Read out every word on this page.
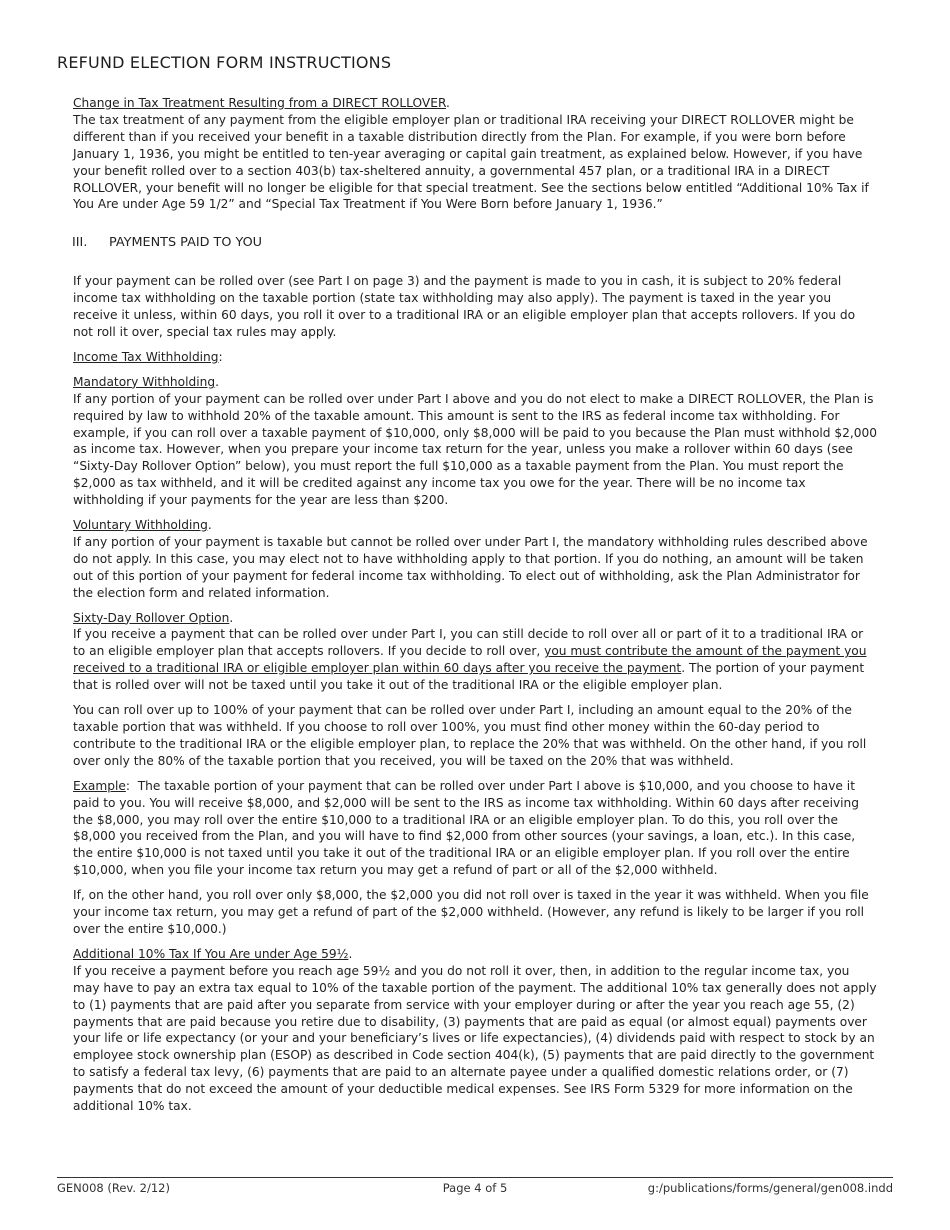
REFUND ELECTION FORM INSTRUCTIONS

Change in Tax Treatment Resulting from a DIRECT ROLLOVER.
The tax treatment of any payment from the eligible employer plan or traditional IRA receiving your DIRECT ROLLOVER might be different than if you received your benefit in a taxable distribution directly from the Plan. For example, if you were born before January 1, 1936, you might be entitled to ten-year averaging or capital gain treatment, as explained below. However, if you have your benefit rolled over to a section 403(b) tax-sheltered annuity, a governmental 457 plan, or a traditional IRA in a DIRECT ROLLOVER, your benefit will no longer be eligible for that special treatment. See the sections below entitled “Additional 10% Tax if You Are under Age 59 1/2” and “Special Tax Treatment if You Were Born before January 1, 1936.”

III.	PAYMENTS PAID TO YOU

If your payment can be rolled over (see Part I on page 3) and the payment is made to you in cash, it is subject to 20% federal income tax withholding on the taxable portion (state tax withholding may also apply). The payment is taxed in the year you receive it unless, within 60 days, you roll it over to a traditional IRA or an eligible employer plan that accepts rollovers. If you do not roll it over, special tax rules may apply.

Income Tax Withholding:

Mandatory Withholding.
If any portion of your payment can be rolled over under Part I above and you do not elect to make a DIRECT ROLLOVER, the Plan is required by law to withhold 20% of the taxable amount. This amount is sent to the IRS as federal income tax withholding. For example, if you can roll over a taxable payment of $10,000, only $8,000 will be paid to you because the Plan must withhold $2,000 as income tax. However, when you prepare your income tax return for the year, unless you make a rollover within 60 days (see “Sixty-Day Rollover Option” below), you must report the full $10,000 as a taxable payment from the Plan. You must report the $2,000 as tax withheld, and it will be credited against any income tax you owe for the year. There will be no income tax withholding if your payments for the year are less than $200.

Voluntary Withholding.
If any portion of your payment is taxable but cannot be rolled over under Part I, the mandatory withholding rules described above do not apply. In this case, you may elect not to have withholding apply to that portion. If you do nothing, an amount will be taken out of this portion of your payment for federal income tax withholding. To elect out of withholding, ask the Plan Administrator for the election form and related information.

Sixty-Day Rollover Option.
If you receive a payment that can be rolled over under Part I, you can still decide to roll over all or part of it to a traditional IRA or to an eligible employer plan that accepts rollovers. If you decide to roll over, you must contribute the amount of the payment you received to a traditional IRA or eligible employer plan within 60 days after you receive the payment. The portion of your payment that is rolled over will not be taxed until you take it out of the traditional IRA or the eligible employer plan.

You can roll over up to 100% of your payment that can be rolled over under Part I, including an amount equal to the 20% of the taxable portion that was withheld. If you choose to roll over 100%, you must find other money within the 60-day period to contribute to the traditional IRA or the eligible employer plan, to replace the 20% that was withheld. On the other hand, if you roll over only the 80% of the taxable portion that you received, you will be taxed on the 20% that was withheld.

Example:  The taxable portion of your payment that can be rolled over under Part I above is $10,000, and you choose to have it paid to you. You will receive $8,000, and $2,000 will be sent to the IRS as income tax withholding. Within 60 days after receiving the $8,000, you may roll over the entire $10,000 to a traditional IRA or an eligible employer plan. To do this, you roll over the $8,000 you received from the Plan, and you will have to find $2,000 from other sources (your savings, a loan, etc.). In this case, the entire $10,000 is not taxed until you take it out of the traditional IRA or an eligible employer plan. If you roll over the entire $10,000, when you file your income tax return you may get a refund of part or all of the $2,000 withheld.

If, on the other hand, you roll over only $8,000, the $2,000 you did not roll over is taxed in the year it was withheld. When you file your income tax return, you may get a refund of part of the $2,000 withheld. (However, any refund is likely to be larger if you roll over the entire $10,000.)

Additional 10% Tax If You Are under Age 59½.
If you receive a payment before you reach age 59½ and you do not roll it over, then, in addition to the regular income tax, you may have to pay an extra tax equal to 10% of the taxable portion of the payment. The additional 10% tax generally does not apply to (1) payments that are paid after you separate from service with your employer during or after the year you reach age 55, (2) payments that are paid because you retire due to disability, (3) payments that are paid as equal (or almost equal) payments over your life or life expectancy (or your and your beneficiary’s lives or life expectancies), (4) dividends paid with respect to stock by an employee stock ownership plan (ESOP) as described in Code section 404(k), (5) payments that are paid directly to the government to satisfy a federal tax levy, (6) payments that are paid to an alternate payee under a qualified domestic relations order, or (7) payments that do not exceed the amount of your deductible medical expenses. See IRS Form 5329 for more information on the additional 10% tax.

GEN008 (Rev. 2/12)	Page 4 of 5	g:/publications/forms/general/gen008.indd
